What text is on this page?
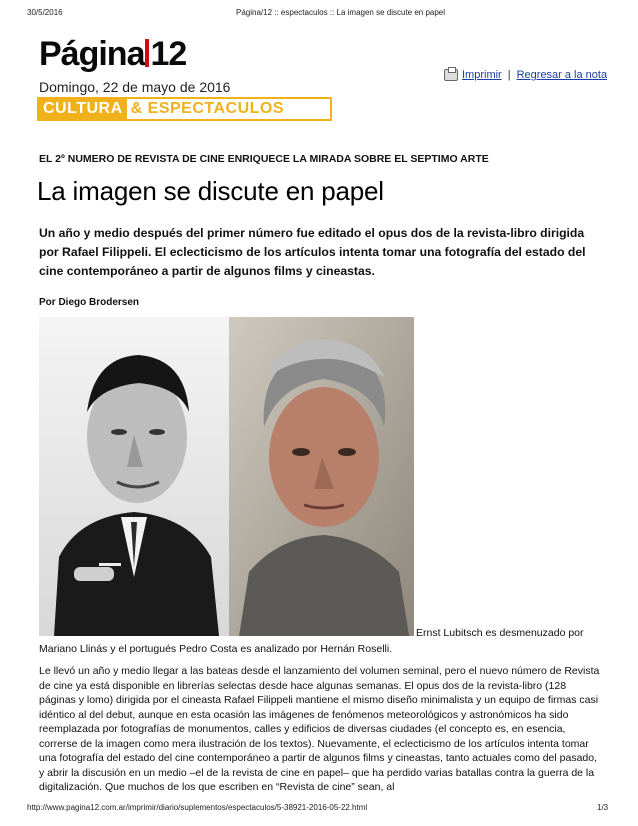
30/5/2016	Página/12 :: espectaculos :: La imagen se discute en papel
Página 12
Domingo, 22 de mayo de 2016
CULTURA & ESPECTACULOS
Imprimir | Regresar a la nota
EL 2º NUMERO DE REVISTA DE CINE ENRIQUECE LA MIRADA SOBRE EL SEPTIMO ARTE
La imagen se discute en papel
Un año y medio después del primer número fue editado el opus dos de la revista-libro dirigida por Rafael Filippeli. El eclecticismo de los artículos intenta tomar una fotografía del estado del cine contemporáneo a partir de algunos films y cineastas.
Por Diego Brodersen
Ernst Lubitsch es desmenuzado por
Mariano Llinás y el portugués Pedro Costa es analizado por Hernán Roselli.
Le llevó un año y medio llegar a las bateas desde el lanzamiento del volumen seminal, pero el nuevo número de Revista de cine ya está disponible en librerías selectas desde hace algunas semanas. El opus dos de la revista-libro (128 páginas y lomo) dirigida por el cineasta Rafael Filippeli mantiene el mismo diseño minimalista y un equipo de firmas casi idéntico al del debut, aunque en esta ocasión las imágenes de fenómenos meteorológicos y astronómicos ha sido reemplazada por fotografías de monumentos, calles y edificios de diversas ciudades (el concepto es, en esencia, correrse de la imagen como mera ilustración de los textos). Nuevamente, el eclecticismo de los artículos intenta tomar una fotografía del estado del cine contemporáneo a partir de algunos films y cineastas, tanto actuales como del pasado, y abrir la discusión en un medio –el de la revista de cine en papel– que ha perdido varias batallas contra la guerra de la digitalización. Que muchos de los que escriben en “Revista de cine” sean, al
http://www.pagina12.com.ar/imprimir/diario/suplementos/espectaculos/5-38921-2016-05-22.html	1/3
